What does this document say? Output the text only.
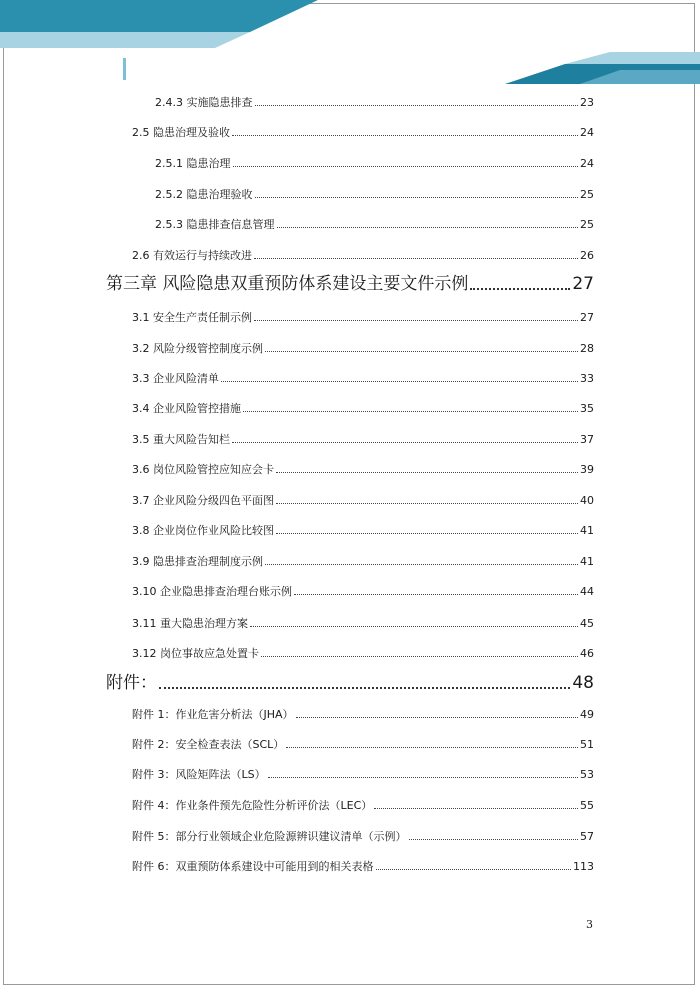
2.4.3 实施隐患排查	23
2.5 隐患治理及验收	24
2.5.1 隐患治理	24
2.5.2 隐患治理验收	25
2.5.3 隐患排查信息管理	25
2.6 有效运行与持续改进	26
第三章 风险隐患双重预防体系建设主要文件示例	27
3.1 安全生产责任制示例	27
3.2 风险分级管控制度示例	28
3.3 企业风险清单	33
3.4 企业风险管控措施	35
3.5 重大风险告知栏	37
3.6 岗位风险管控应知应会卡	39
3.7 企业风险分级四色平面图	40
3.8 企业岗位作业风险比较图	41
3.9 隐患排查治理制度示例	41
3.10 企业隐患排查治理台账示例	44
3.11 重大隐患治理方案	45
3.12 岗位事故应急处置卡	46
附件：	48
附件 1：作业危害分析法（JHA）	49
附件 2：安全检查表法（SCL）	51
附件 3：风险矩阵法（LS）	53
附件 4：作业条件预先危险性分析评价法（LEC）	55
附件 5：部分行业领域企业危险源辨识建议清单（示例）	57
附件 6：双重预防体系建设中可能用到的相关表格	113
3
